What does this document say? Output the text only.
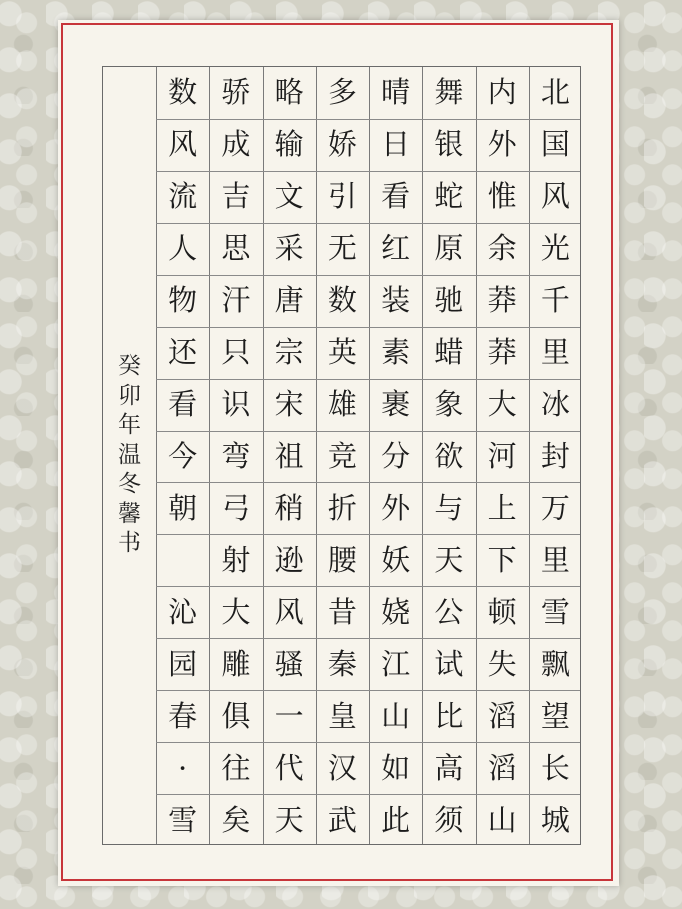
癸
卯
年
温
冬
馨
书
北
国
风
光
千
里
冰
封
万
里
雪
飘
望
长
城
内
外
惟
余
莽
莽
大
河
上
下
顿
失
滔
滔
山
舞
银
蛇
原
驰
蜡
象
欲
与
天
公
试
比
高
须
晴
日
看
红
装
素
裹
分
外
妖
娆
江
山
如
此
多
娇
引
无
数
英
雄
竞
折
腰
昔
秦
皇
汉
武
略
输
文
采
唐
宗
宋
祖
稍
逊
风
骚
一
代
天
骄
成
吉
思
汗
只
识
弯
弓
射
大
雕
俱
往
矣
数
风
流
人
物
还
看
今
朝
沁
园
春
·
雪
